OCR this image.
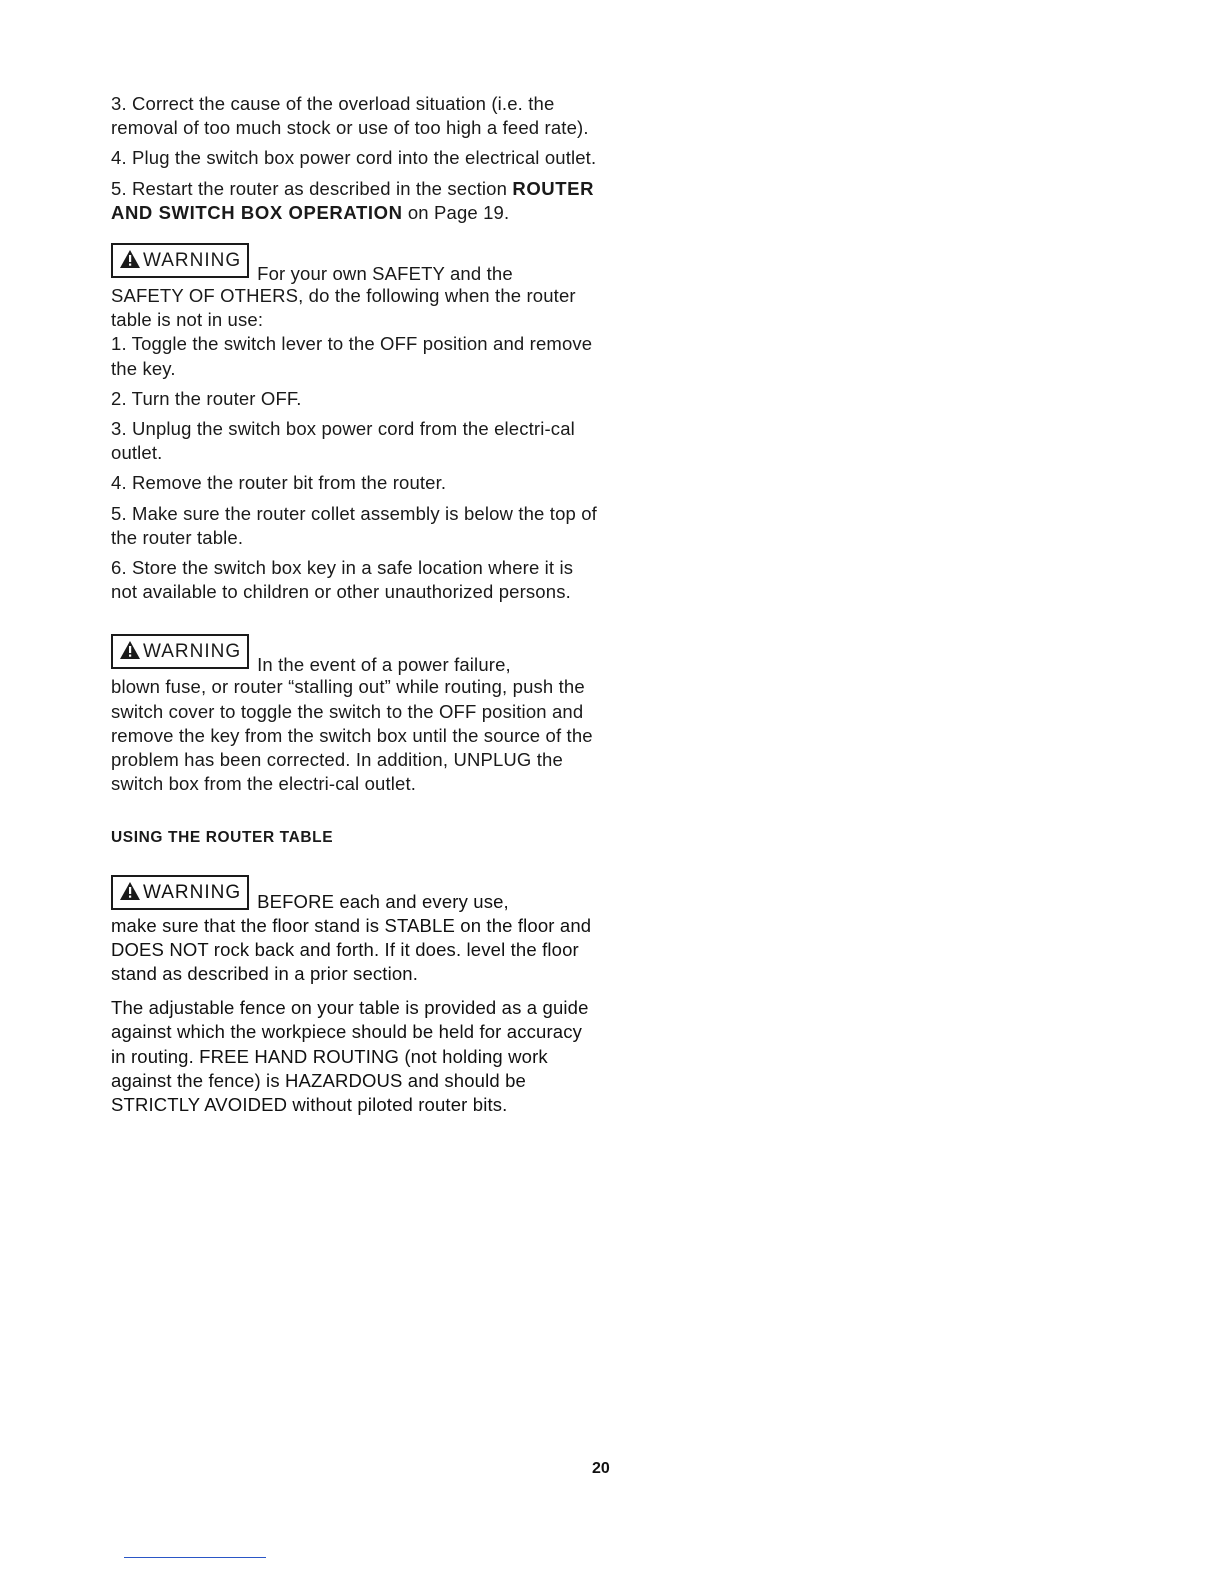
3. Correct the cause of the overload situation (i.e. the removal of too much stock or use of too high a feed rate).

4. Plug the switch box power cord into the electrical outlet.

5. Restart the router as described in the section ROUTER AND SWITCH BOX OPERATION on Page 19.

WARNINGFor your own SAFETY and the

SAFETY OF OTHERS, do the following when the router table is not in use:

1. Toggle the switch lever to the OFF position and remove the key.

2. Turn the router OFF.

3. Unplug the switch box power cord from the electri-cal outlet.

4. Remove the router bit from the router.

5. Make sure the router collet assembly is below the top of the router table.

6. Store the switch box key in a safe location where it is not available to children or other unauthorized persons.

WARNINGIn the event of a power failure,

blown fuse, or router “stalling out” while routing, push the switch cover to toggle the switch to the OFF position and remove the key from the switch box until the source of the problem has been corrected. In addition, UNPLUG the switch box from the electri-cal outlet.

USING THE ROUTER TABLE

WARNING BEFORE each and every use,

make sure that the floor stand is STABLE on the floor and DOES NOT rock back and forth. If it does. level the floor stand as described in a prior section.

The adjustable fence on your table is provided as a guide against which the workpiece should be held for accuracy in routing. FREE HAND ROUTING (not holding work against the fence) is HAZARDOUS and should be STRICTLY AVOIDED without piloted router bits.

20
